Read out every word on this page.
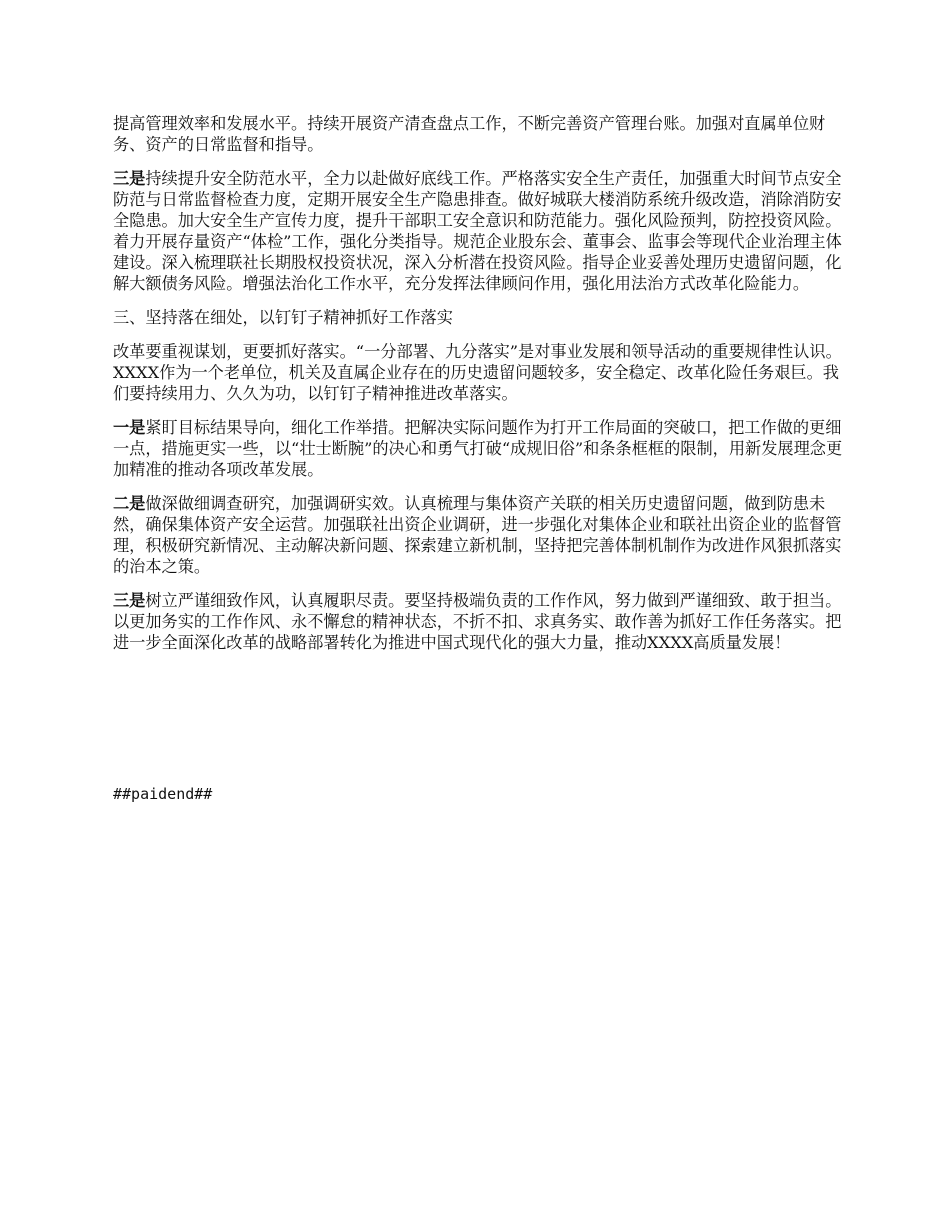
提高管理效率和发展水平。持续开展资产清查盘点工作，不断完善资产管理台账。加强对直属单位财务、资产的日常监督和指导。

三是持续提升安全防范水平，全力以赴做好底线工作。严格落实安全生产责任，加强重大时间节点安全防范与日常监督检查力度，定期开展安全生产隐患排查。做好城联大楼消防系统升级改造，消除消防安全隐患。加大安全生产宣传力度，提升干部职工安全意识和防范能力。强化风险预判，防控投资风险。着力开展存量资产“体检”工作，强化分类指导。规范企业股东会、董事会、监事会等现代企业治理主体建设。深入梳理联社长期股权投资状况，深入分析潜在投资风险。指导企业妥善处理历史遗留问题，化解大额债务风险。增强法治化工作水平，充分发挥法律顾问作用，强化用法治方式改革化险能力。

三、坚持落在细处，以钉钉子精神抓好工作落实

改革要重视谋划，更要抓好落实。“一分部署、九分落实”是对事业发展和领导活动的重要规律性认识。XXXX作为一个老单位，机关及直属企业存在的历史遗留问题较多，安全稳定、改革化险任务艰巨。我们要持续用力、久久为功，以钉钉子精神推进改革落实。

一是紧盯目标结果导向，细化工作举措。把解决实际问题作为打开工作局面的突破口，把工作做的更细一点，措施更实一些，以“壮士断腕”的决心和勇气打破“成规旧俗”和条条框框的限制，用新发展理念更加精准的推动各项改革发展。

二是做深做细调查研究，加强调研实效。认真梳理与集体资产关联的相关历史遗留问题，做到防患未然，确保集体资产安全运营。加强联社出资企业调研，进一步强化对集体企业和联社出资企业的监督管理，积极研究新情况、主动解决新问题、探索建立新机制，坚持把完善体制机制作为改进作风狠抓落实的治本之策。

三是树立严谨细致作风，认真履职尽责。要坚持极端负责的工作作风，努力做到严谨细致、敢于担当。以更加务实的工作作风、永不懈怠的精神状态，不折不扣、求真务实、敢作善为抓好工作任务落实。把进一步全面深化改革的战略部署转化为推进中国式现代化的强大力量，推动XXXX高质量发展！

##paidend##
